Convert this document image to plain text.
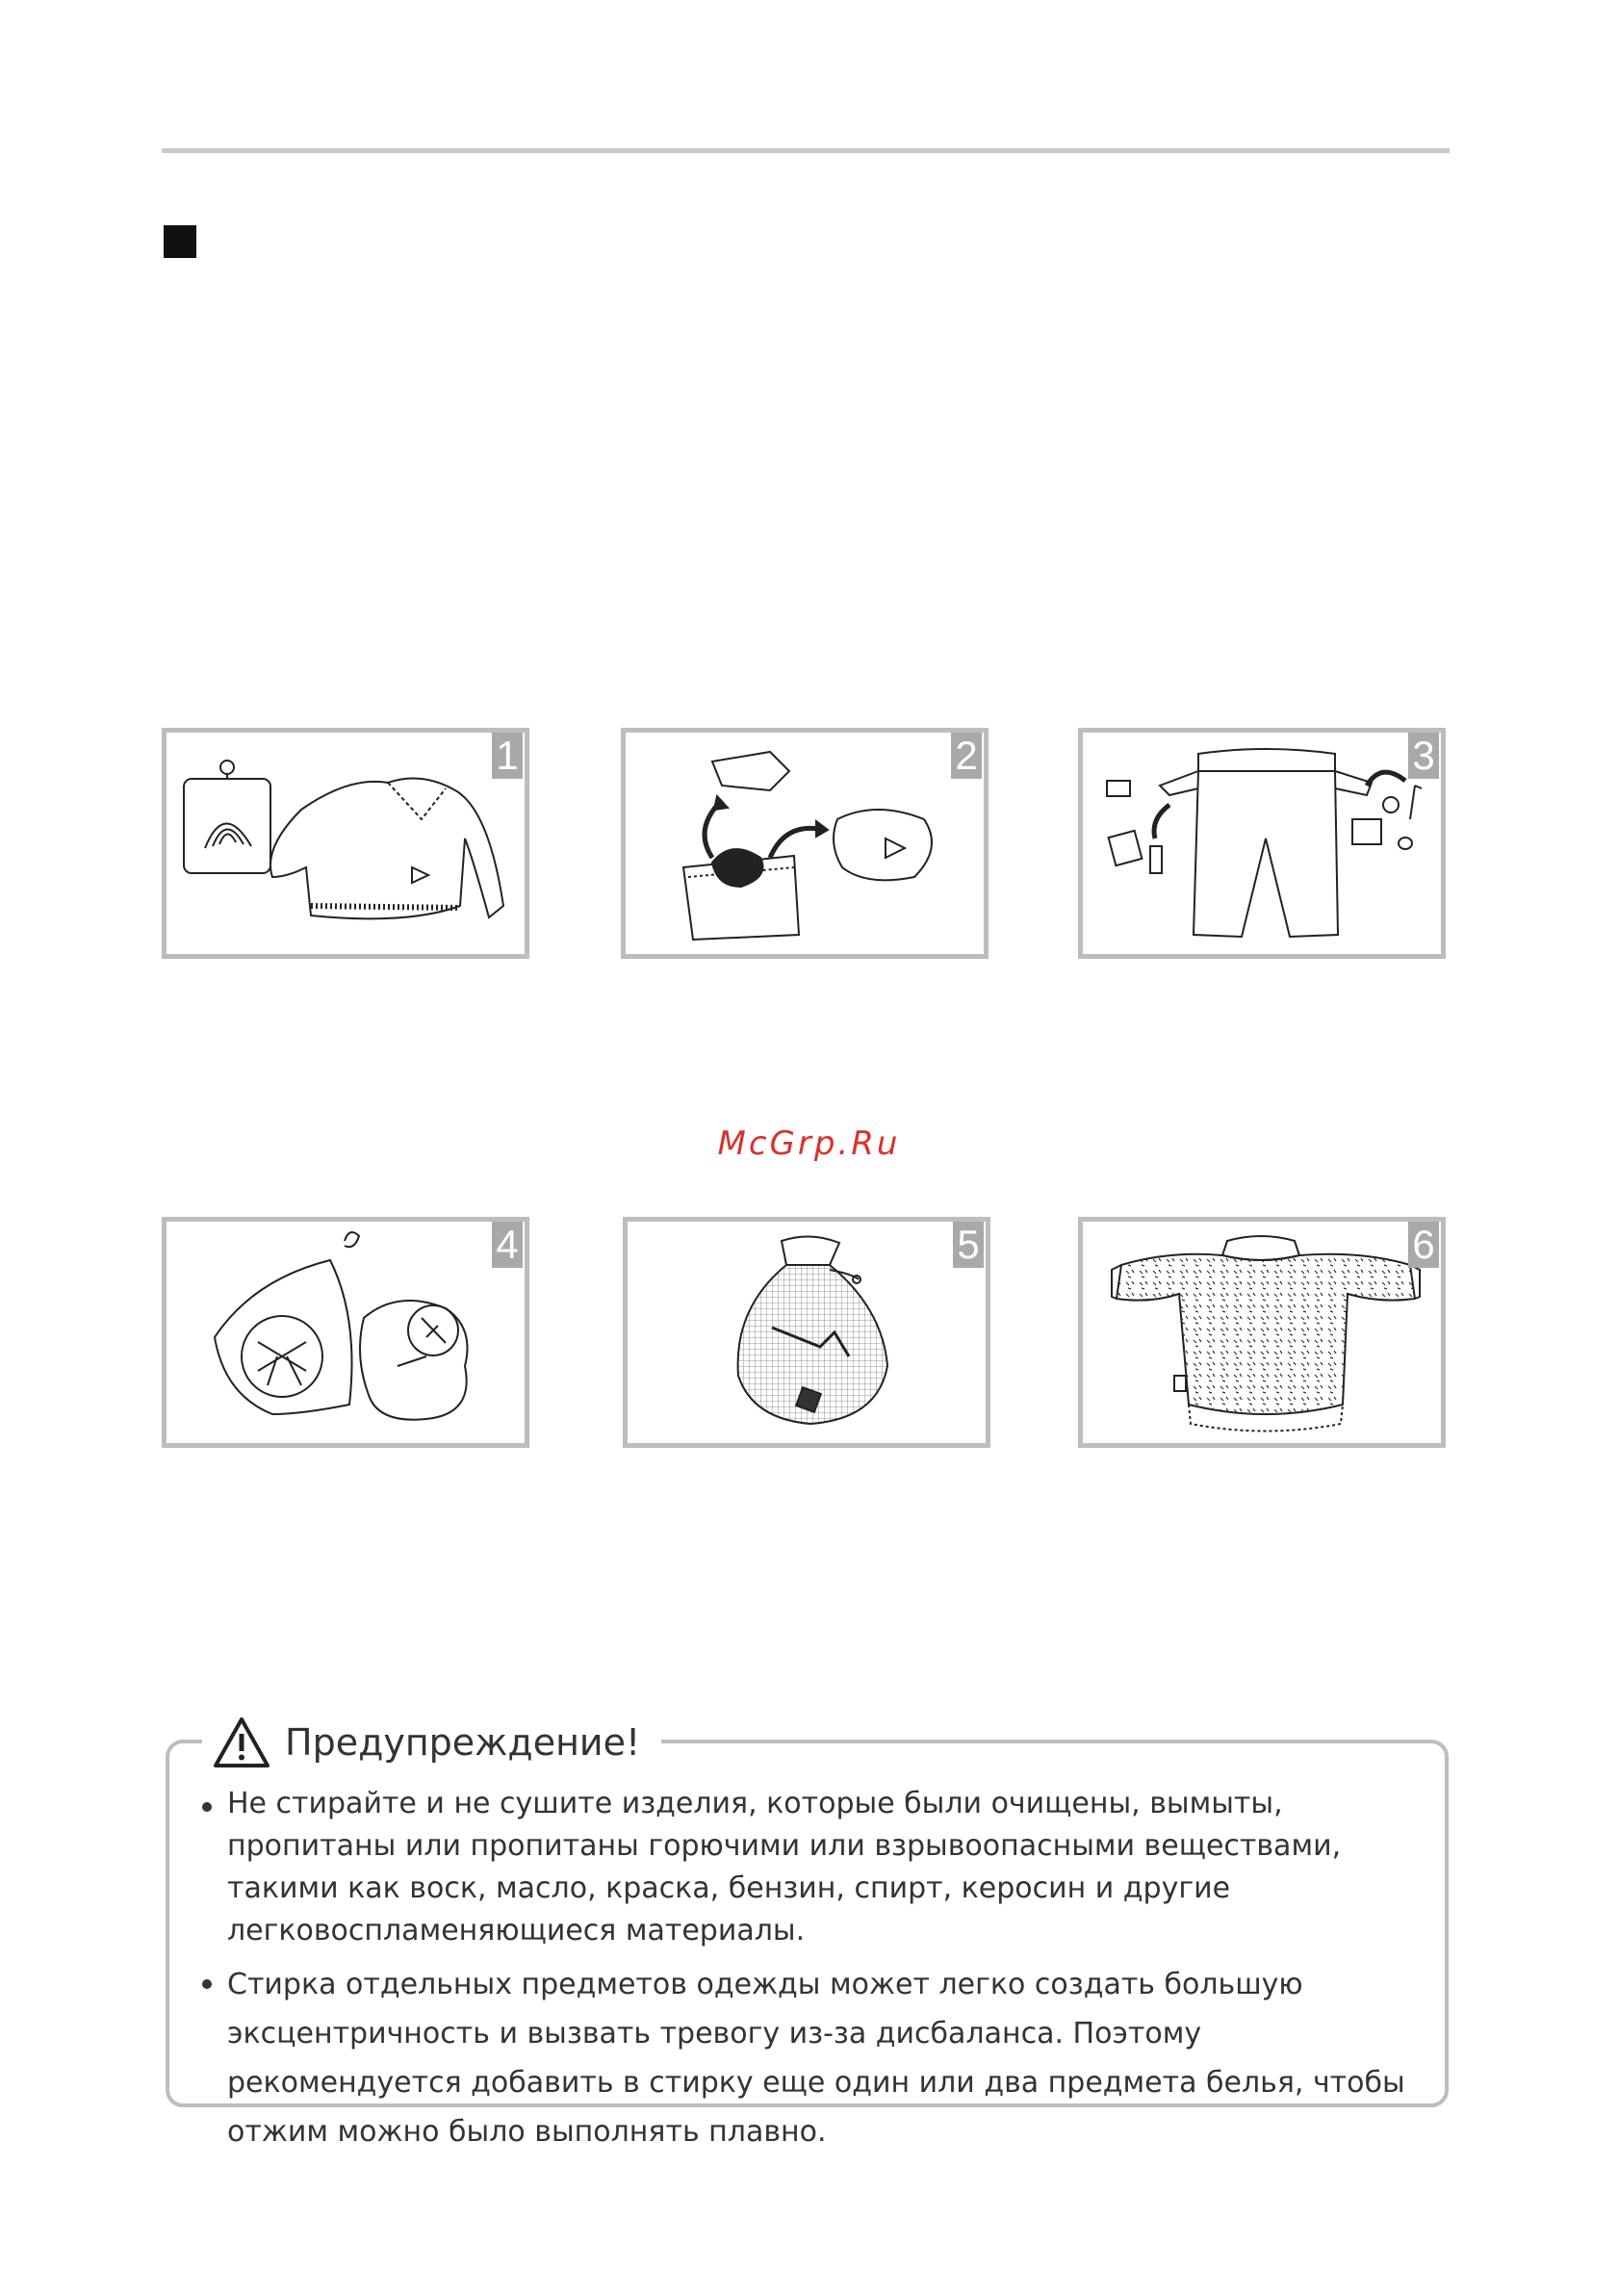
1	2	3
McGrp.Ru
4	5	6
Предупреждение!
Не стирайте и не сушите изделия, которые были очищены, вымыты, пропитаны или пропитаны горючими или взрывоопасными веществами, такими как воск, масло, краска, бензин, спирт, керосин и другие легковоспламеняющиеся материалы.
Стирка отдельных предметов одежды может легко создать большую эксцентричность и вызвать тревогу из-за дисбаланса. Поэтому рекомендуется добавить в стирку еще один или два предмета белья, чтобы отжим можно было выполнять плавно.
